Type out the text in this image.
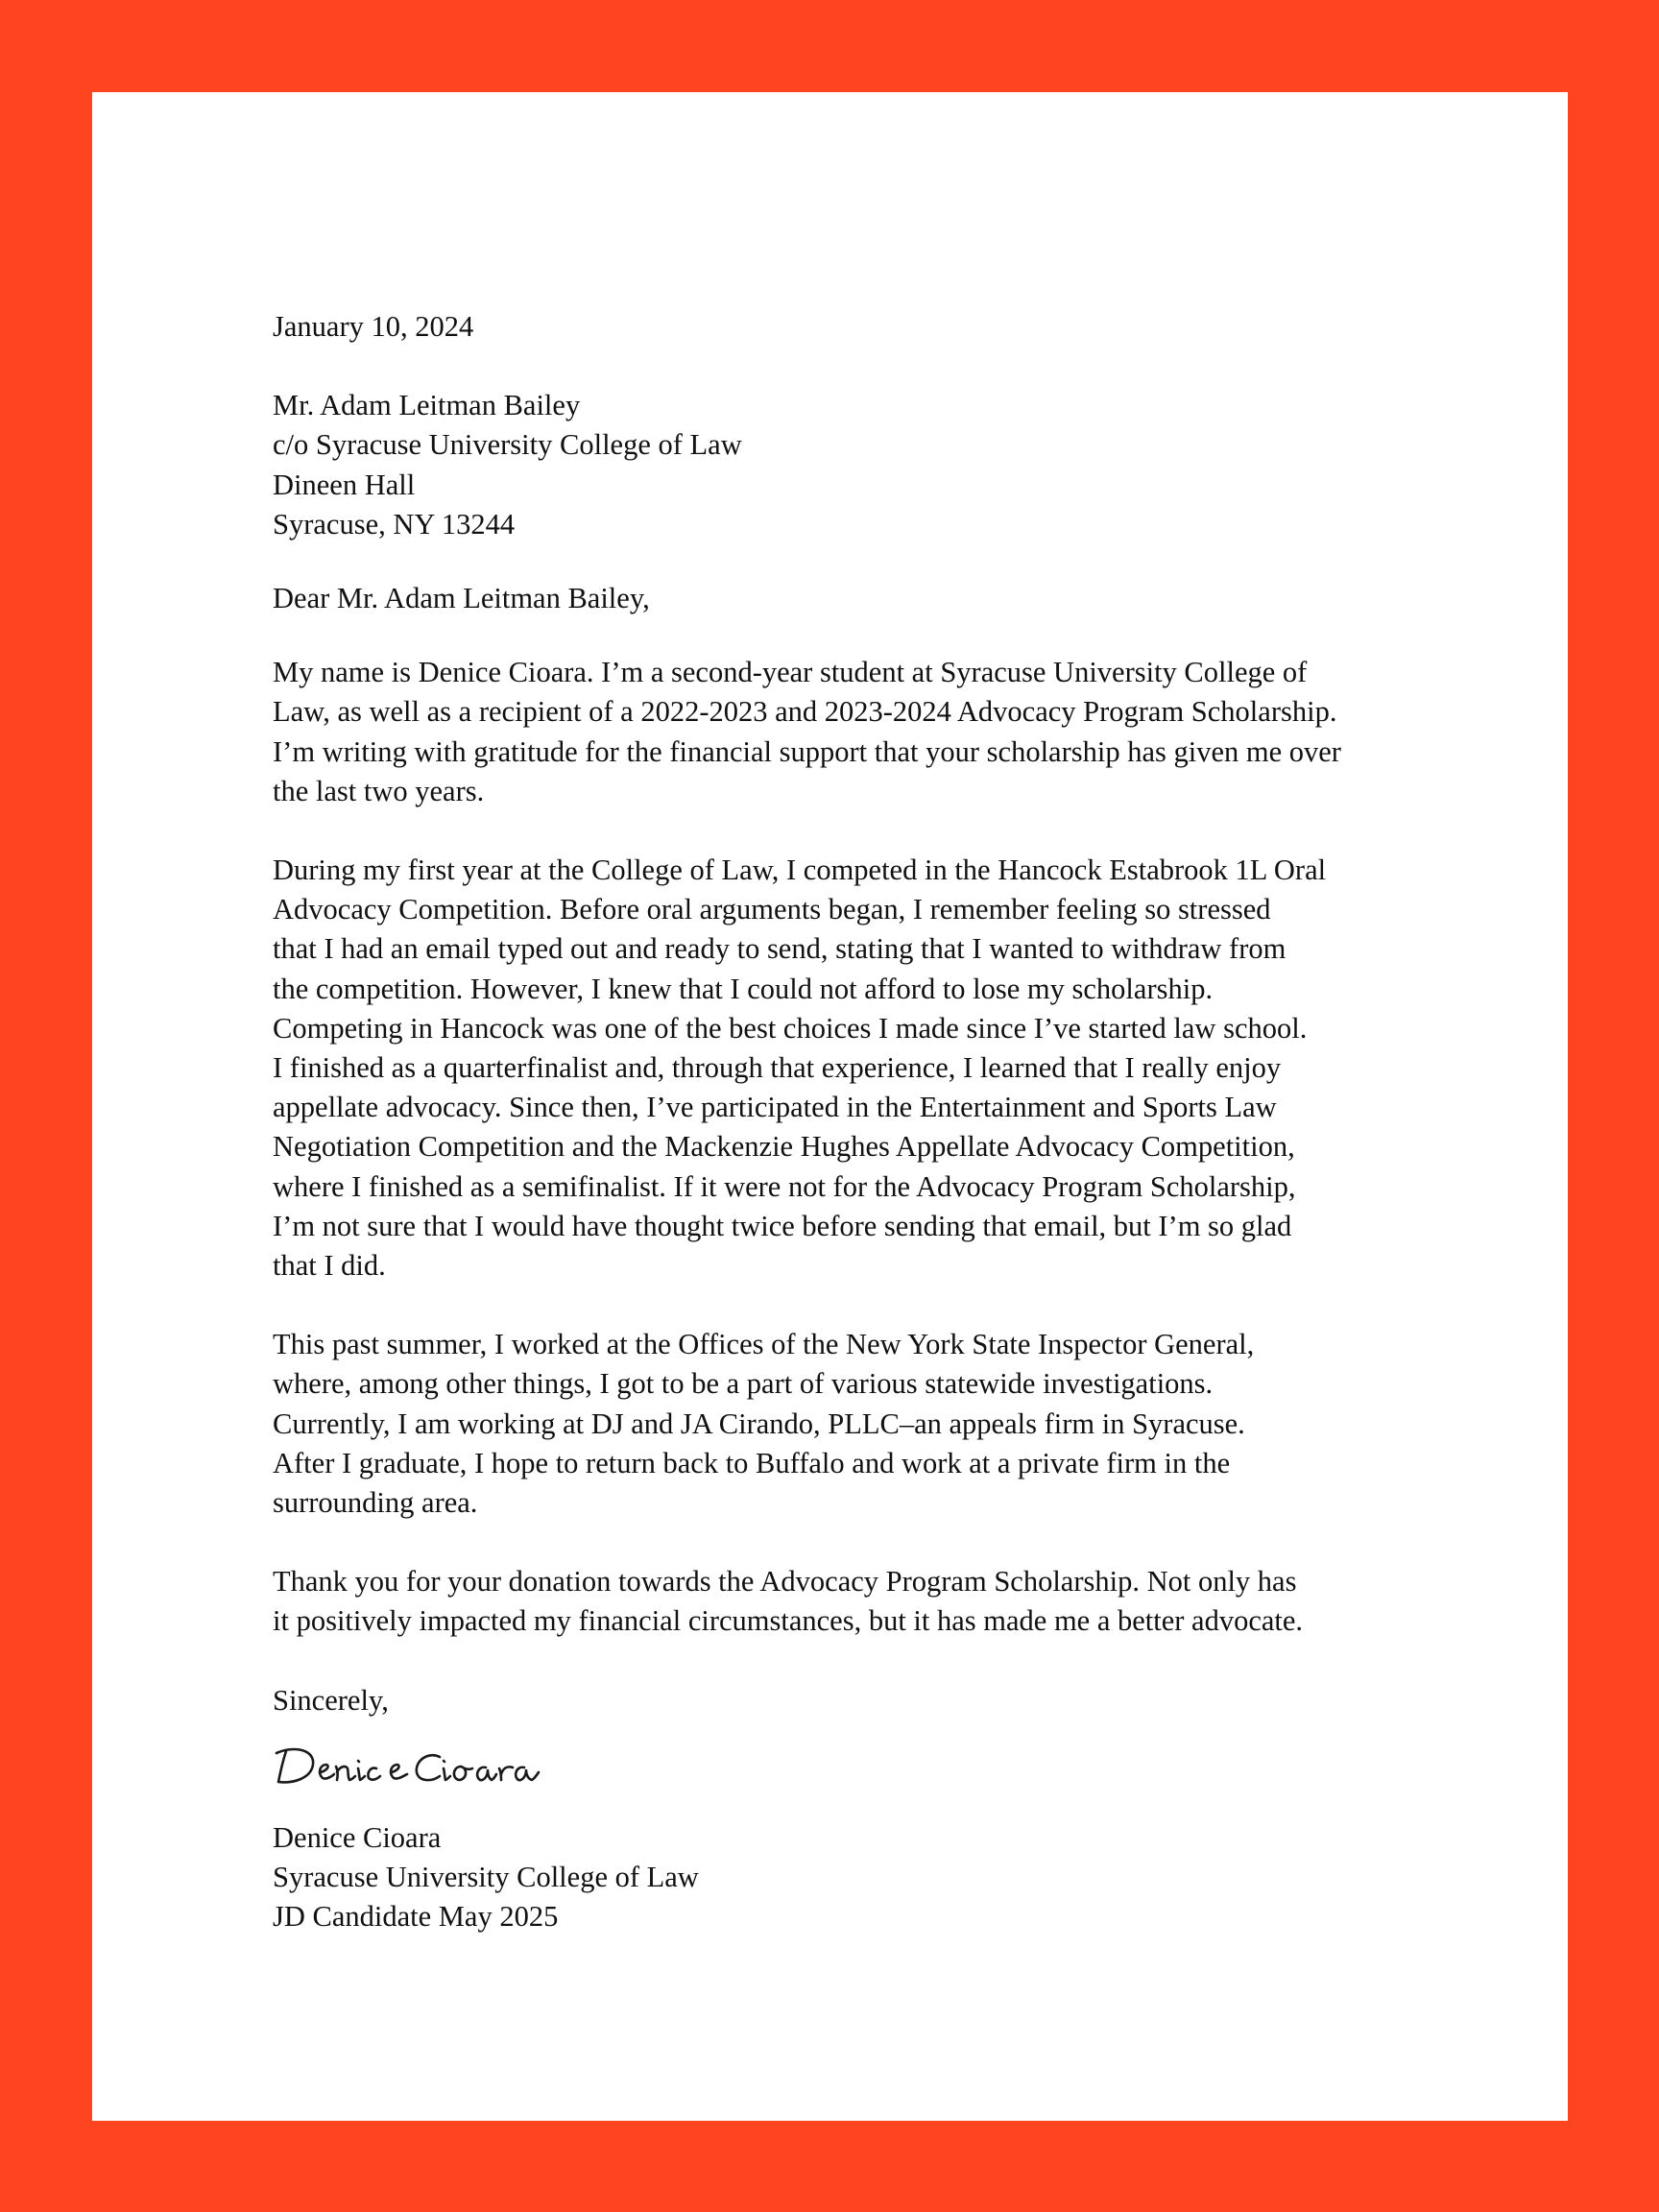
January 10, 2024
Mr. Adam Leitman Bailey
c/o Syracuse University College of Law
Dineen Hall
Syracuse, NY 13244
Dear Mr. Adam Leitman Bailey,
My name is Denice Cioara. I’m a second-year student at Syracuse University College of
Law, as well as a recipient of a 2022-2023 and 2023-2024 Advocacy Program Scholarship.
I’m writing with gratitude for the financial support that your scholarship has given me over
the last two years.
During my first year at the College of Law, I competed in the Hancock Estabrook 1L Oral
Advocacy Competition. Before oral arguments began, I remember feeling so stressed
that I had an email typed out and ready to send, stating that I wanted to withdraw from
the competition. However, I knew that I could not afford to lose my scholarship.
Competing in Hancock was one of the best choices I made since I’ve started law school.
I finished as a quarterfinalist and, through that experience, I learned that I really enjoy
appellate advocacy. Since then, I’ve participated in the Entertainment and Sports Law
Negotiation Competition and the Mackenzie Hughes Appellate Advocacy Competition,
where I finished as a semifinalist. If it were not for the Advocacy Program Scholarship,
I’m not sure that I would have thought twice before sending that email, but I’m so glad
that I did.
This past summer, I worked at the Offices of the New York State Inspector General,
where, among other things, I got to be a part of various statewide investigations.
Currently, I am working at DJ and JA Cirando, PLLC–an appeals firm in Syracuse.
After I graduate, I hope to return back to Buffalo and work at a private firm in the
surrounding area.
Thank you for your donation towards the Advocacy Program Scholarship. Not only has
it positively impacted my financial circumstances, but it has made me a better advocate.
Sincerely,
Denice Cioara
Syracuse University College of Law
JD Candidate May 2025
